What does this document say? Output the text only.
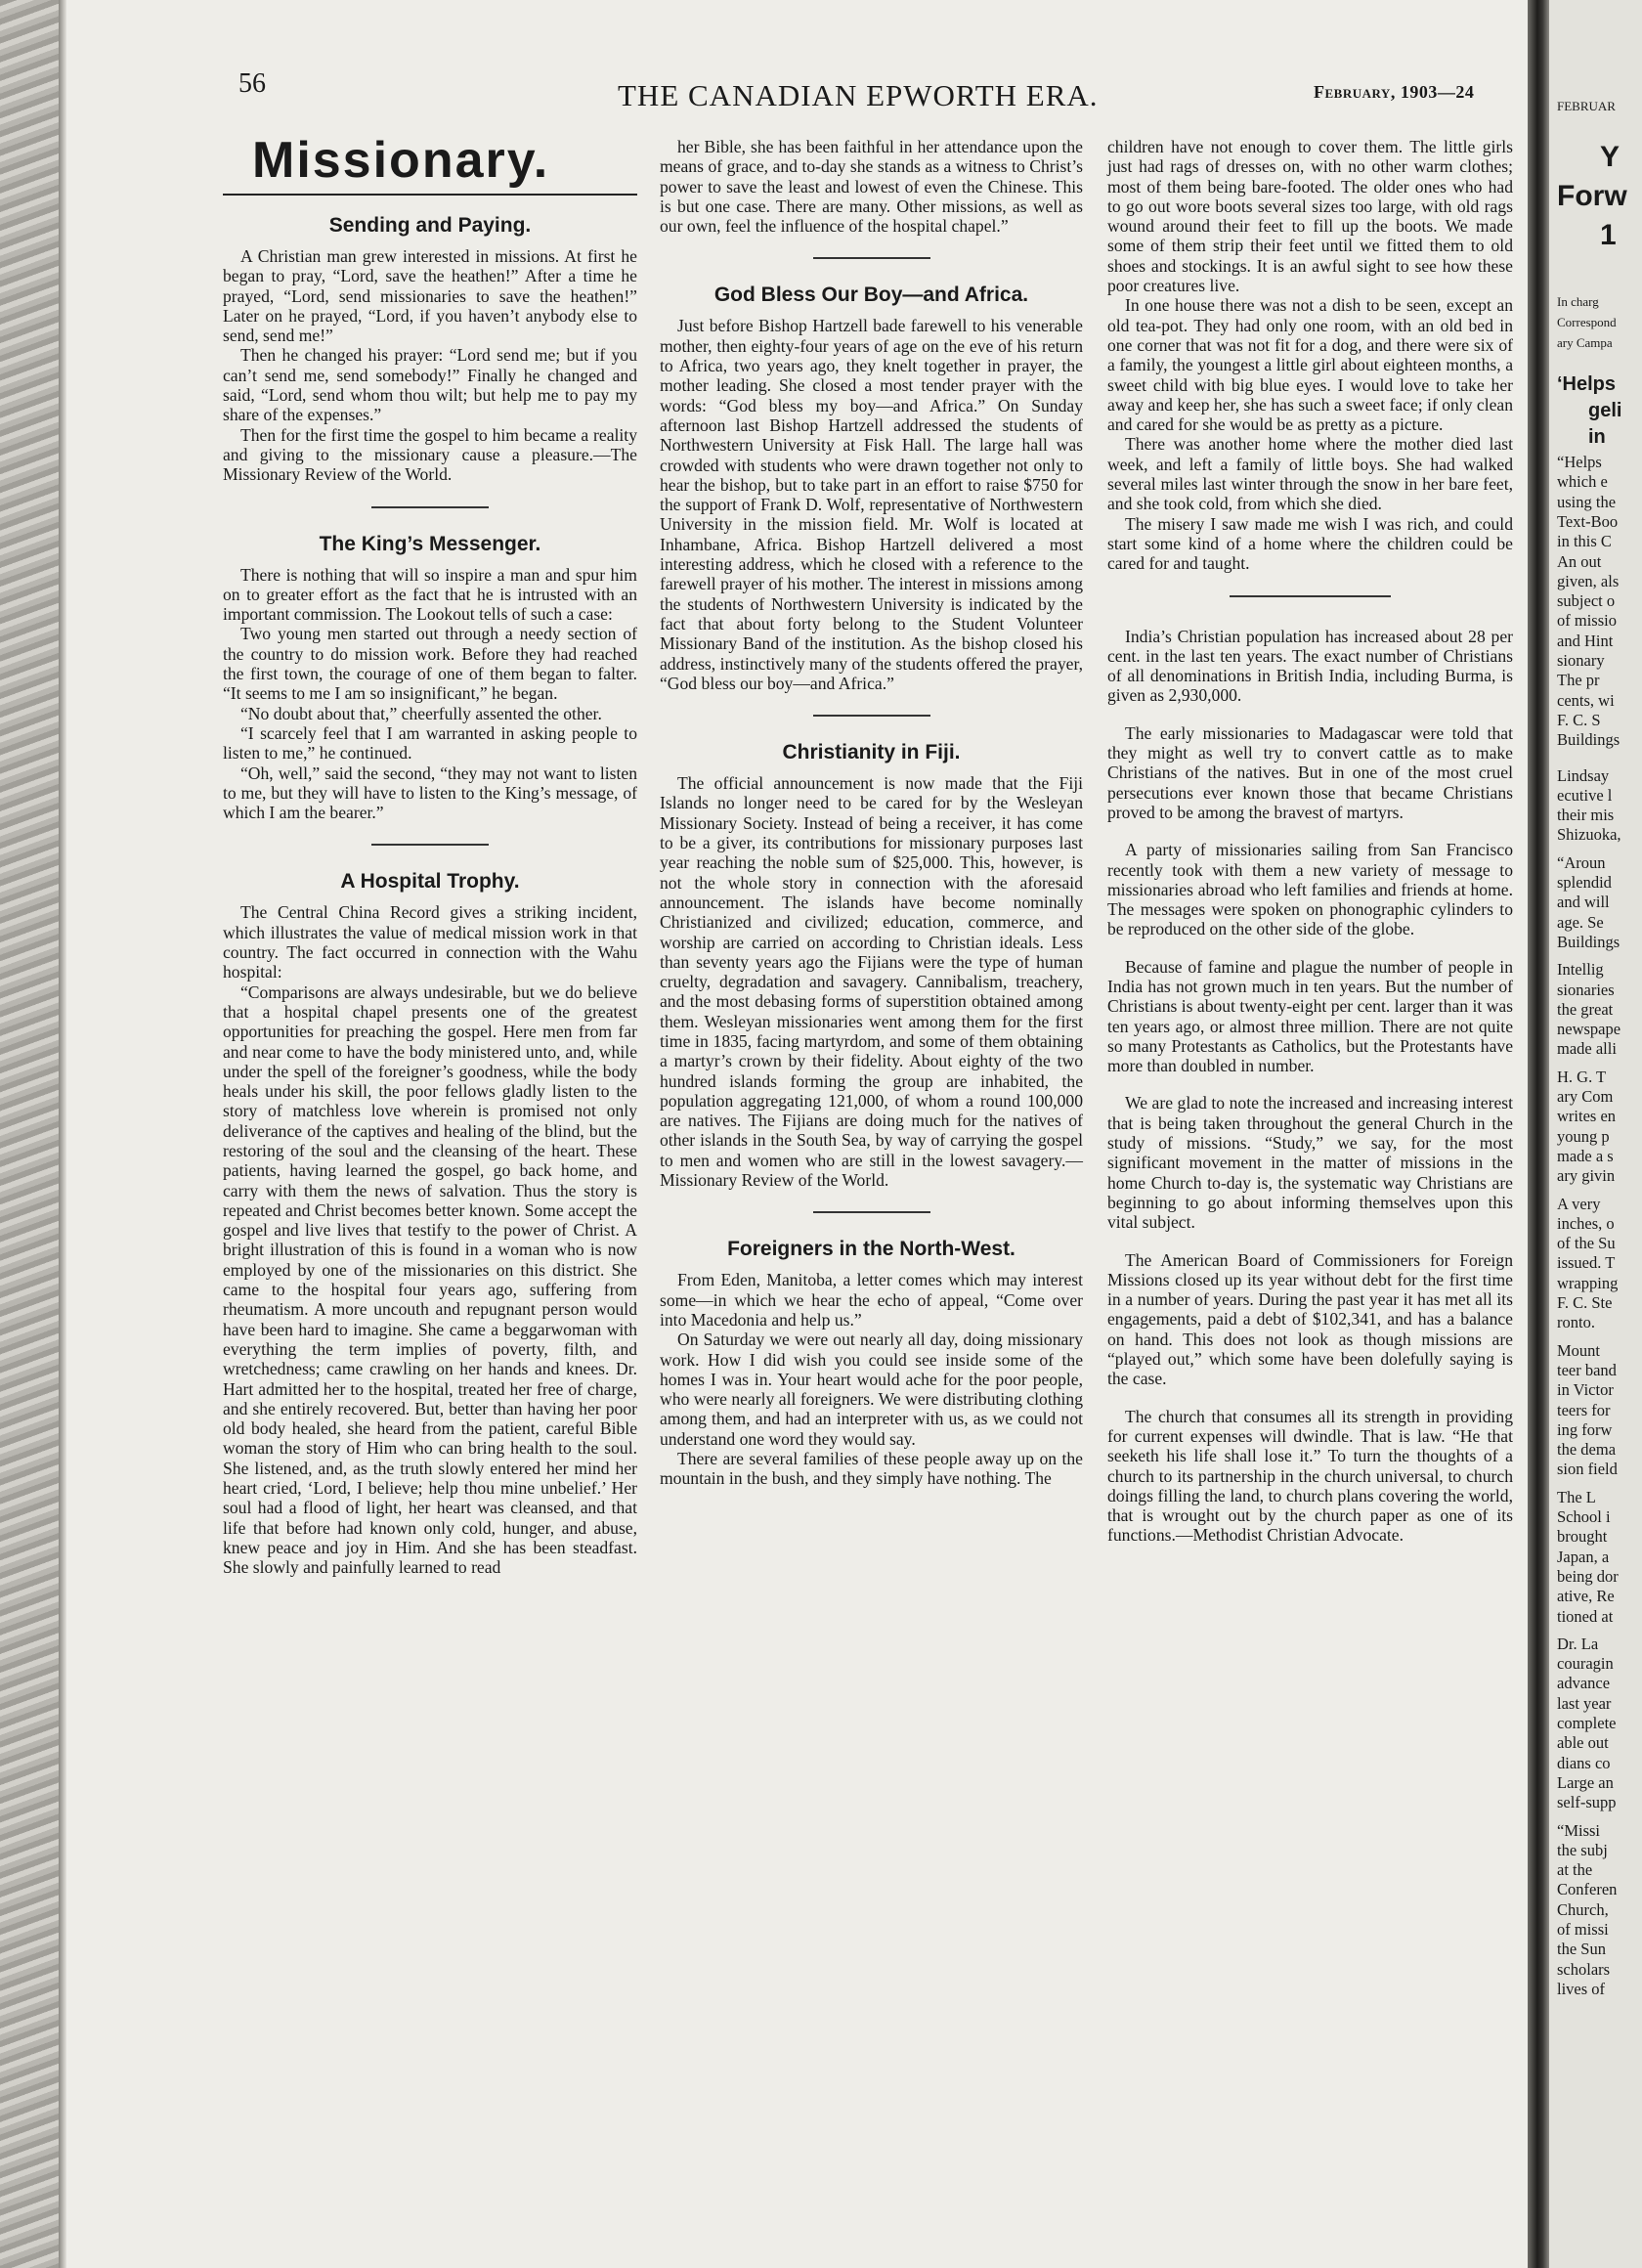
FEBRUAR
Y
Forw
1
In charg
Correspond
ary Campa
‘Helps
geli
in
“Helps
which e
using the
Text-Boo
in this C
An out
given, als
subject o
of missio
and Hint
sionary
The pr
cents, wi
F. C. S
Buildings
Lindsay
ecutive l
their mis
Shizuoka,
“Aroun
splendid
and will
age. Se
Buildings
Intellig
sionaries
the great
newspape
made alli
H. G. T
ary Com
writes en
young p
made a s
ary givin
A very
inches, o
of the Su
issued. T
wrapping
F. C. Ste
ronto.
Mount
teer band
in Victor
teers for
ing forw
the dema
sion field
The L
School i
brought
Japan, a
being dor
ative, Re
tioned at
Dr. La
couragin
advance
last year
complete
able out
dians co
Large an
self-supp
“Missi
the subj
at the
Conferen
Church,
of missi
the Sun
scholars
lives of
56	THE CANADIAN EPWORTH ERA.	February, 1903—24
Missionary.
Sending and Paying.

A Christian man grew interested in missions. At first he began to pray, “Lord, save the heathen!” After a time he prayed, “Lord, send missionaries to save the heathen!” Later on he prayed, “Lord, if you haven’t anybody else to send, send me!”

Then he changed his prayer: “Lord send me; but if you can’t send me, send somebody!” Finally he changed and said, “Lord, send whom thou wilt; but help me to pay my share of the expenses.”

Then for the first time the gospel to him became a reality and giving to the missionary cause a pleasure.—The Missionary Review of the World.

The King’s Messenger.

There is nothing that will so inspire a man and spur him on to greater effort as the fact that he is intrusted with an important commission. The Lookout tells of such a case:

Two young men started out through a needy section of the country to do mission work. Before they had reached the first town, the courage of one of them began to falter. “It seems to me I am so insignificant,” he began.

“No doubt about that,” cheerfully assented the other.

“I scarcely feel that I am warranted in asking people to listen to me,” he continued.

“Oh, well,” said the second, “they may not want to listen to me, but they will have to listen to the King’s message, of which I am the bearer.”

A Hospital Trophy.

The Central China Record gives a striking incident, which illustrates the value of medical mission work in that country. The fact occurred in connection with the Wahu hospital:

“Comparisons are always undesirable, but we do believe that a hospital chapel presents one of the greatest opportunities for preaching the gospel. Here men from far and near come to have the body ministered unto, and, while under the spell of the foreigner’s goodness, while the body heals under his skill, the poor fellows gladly listen to the story of matchless love wherein is promised not only deliverance of the captives and healing of the blind, but the restoring of the soul and the cleansing of the heart. These patients, having learned the gospel, go back home, and carry with them the news of salvation. Thus the story is repeated and Christ becomes better known. Some accept the gospel and live lives that testify to the power of Christ. A bright illustration of this is found in a woman who is now employed by one of the missionaries on this district. She came to the hospital four years ago, suffering from rheumatism. A more uncouth and repugnant person would have been hard to imagine. She came a beggarwoman with everything the term implies of poverty, filth, and wretchedness; came crawling on her hands and knees. Dr. Hart admitted her to the hospital, treated her free of charge, and she entirely recovered. But, better than having her poor old body healed, she heard from the patient, careful Bible woman the story of Him who can bring health to the soul. She listened, and, as the truth slowly entered her mind her heart cried, ‘Lord, I believe; help thou mine unbelief.’ Her soul had a flood of light, her heart was cleansed, and that life that before had known only cold, hunger, and abuse, knew peace and joy in Him. And she has been steadfast. She slowly and painfully learned to read

her Bible, she has been faithful in her attendance upon the means of grace, and to-day she stands as a witness to Christ’s power to save the least and lowest of even the Chinese. This is but one case. There are many. Other missions, as well as our own, feel the influence of the hospital chapel.”

God Bless Our Boy—and Africa.

Just before Bishop Hartzell bade farewell to his venerable mother, then eighty-four years of age on the eve of his return to Africa, two years ago, they knelt together in prayer, the mother leading. She closed a most tender prayer with the words: “God bless my boy—and Africa.” On Sunday afternoon last Bishop Hartzell addressed the students of Northwestern University at Fisk Hall. The large hall was crowded with students who were drawn together not only to hear the bishop, but to take part in an effort to raise $750 for the support of Frank D. Wolf, representative of Northwestern University in the mission field. Mr. Wolf is located at Inhambane, Africa. Bishop Hartzell delivered a most interesting address, which he closed with a reference to the farewell prayer of his mother. The interest in missions among the students of Northwestern University is indicated by the fact that about forty belong to the Student Volunteer Missionary Band of the institution. As the bishop closed his address, instinctively many of the students offered the prayer, “God bless our boy—and Africa.”

Christianity in Fiji.

The official announcement is now made that the Fiji Islands no longer need to be cared for by the Wesleyan Missionary Society. Instead of being a receiver, it has come to be a giver, its contributions for missionary purposes last year reaching the noble sum of $25,000. This, however, is not the whole story in connection with the aforesaid announcement. The islands have become nominally Christianized and civilized; education, commerce, and worship are carried on according to Christian ideals. Less than seventy years ago the Fijians were the type of human cruelty, degradation and savagery. Cannibalism, treachery, and the most debasing forms of superstition obtained among them. Wesleyan missionaries went among them for the first time in 1835, facing martyrdom, and some of them obtaining a martyr’s crown by their fidelity. About eighty of the two hundred islands forming the group are inhabited, the population aggregating 121,000, of whom a round 100,000 are natives. The Fijians are doing much for the natives of other islands in the South Sea, by way of carrying the gospel to men and women who are still in the lowest savagery.—Missionary Review of the World.

Foreigners in the North-West.

From Eden, Manitoba, a letter comes which may interest some—in which we hear the echo of appeal, “Come over into Macedonia and help us.”

On Saturday we were out nearly all day, doing missionary work. How I did wish you could see inside some of the homes I was in. Your heart would ache for the poor people, who were nearly all foreigners. We were distributing clothing among them, and had an interpreter with us, as we could not understand one word they would say.

There are several families of these people away up on the mountain in the bush, and they simply have nothing. The

children have not enough to cover them. The little girls just had rags of dresses on, with no other warm clothes; most of them being bare-footed. The older ones who had to go out wore boots several sizes too large, with old rags wound around their feet to fill up the boots. We made some of them strip their feet until we fitted them to old shoes and stockings. It is an awful sight to see how these poor creatures live.

In one house there was not a dish to be seen, except an old tea-pot. They had only one room, with an old bed in one corner that was not fit for a dog, and there were six of a family, the youngest a little girl about eighteen months, a sweet child with big blue eyes. I would love to take her away and keep her, she has such a sweet face; if only clean and cared for she would be as pretty as a picture.

There was another home where the mother died last week, and left a family of little boys. She had walked several miles last winter through the snow in her bare feet, and she took cold, from which she died.

The misery I saw made me wish I was rich, and could start some kind of a home where the children could be cared for and taught.

India’s Christian population has increased about 28 per cent. in the last ten years. The exact number of Christians of all denominations in British India, including Burma, is given as 2,930,000.

The early missionaries to Madagascar were told that they might as well try to convert cattle as to make Christians of the natives. But in one of the most cruel persecutions ever known those that became Christians proved to be among the bravest of martyrs.

A party of missionaries sailing from San Francisco recently took with them a new variety of message to missionaries abroad who left families and friends at home. The messages were spoken on phonographic cylinders to be reproduced on the other side of the globe.

Because of famine and plague the number of people in India has not grown much in ten years. But the number of Christians is about twenty-eight per cent. larger than it was ten years ago, or almost three million. There are not quite so many Protestants as Catholics, but the Protestants have more than doubled in number.

We are glad to note the increased and increasing interest that is being taken throughout the general Church in the study of missions. “Study,” we say, for the most significant movement in the matter of missions in the home Church to-day is, the systematic way Christians are beginning to go about informing themselves upon this vital subject.

The American Board of Commissioners for Foreign Missions closed up its year without debt for the first time in a number of years. During the past year it has met all its engagements, paid a debt of $102,341, and has a balance on hand. This does not look as though missions are “played out,” which some have been dolefully saying is the case.

The church that consumes all its strength in providing for current expenses will dwindle. That is law. “He that seeketh his life shall lose it.” To turn the thoughts of a church to its partnership in the church universal, to church doings filling the land, to church plans covering the world, that is wrought out by the church paper as one of its functions.—Methodist Christian Advocate.
